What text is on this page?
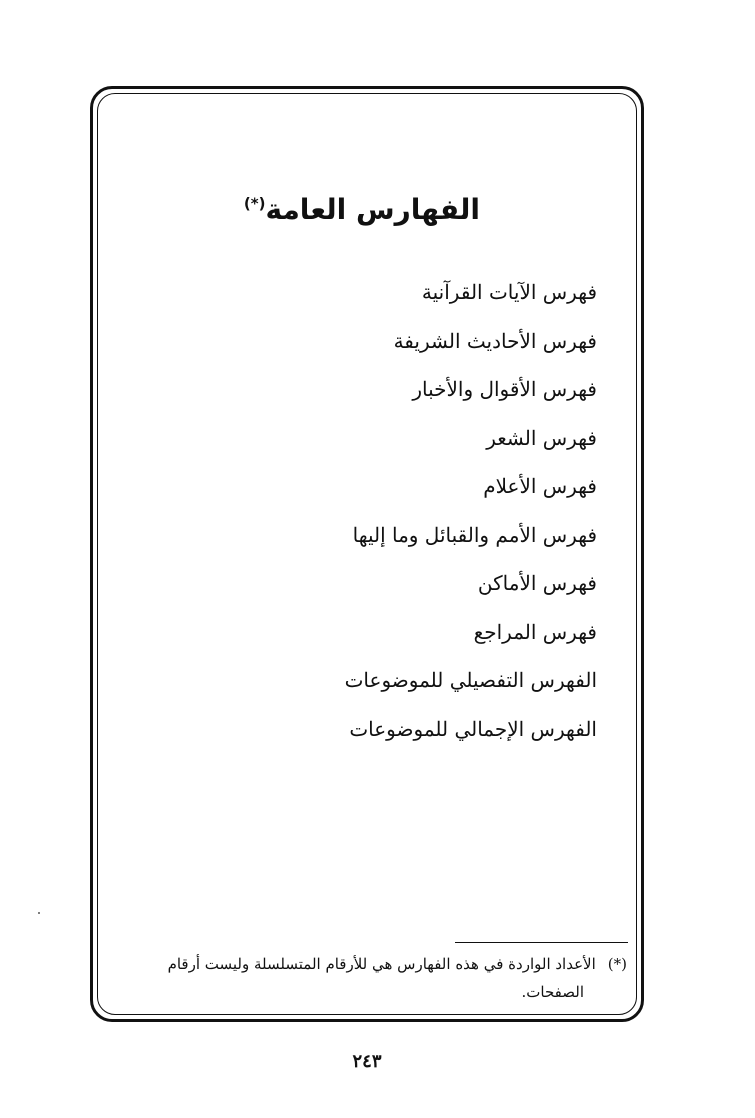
الفهارس العامة(*)
فهرس الآيات القرآنية
فهرس الأحاديث الشريفة
فهرس الأقوال والأخبار
فهرس الشعر
فهرس الأعلام
فهرس الأمم والقبائل وما إليها
فهرس الأماكن
فهرس المراجع
الفهرس التفصيلي للموضوعات
الفهرس الإجمالي للموضوعات
(*)الأعداد الواردة في هذه الفهارس هي للأرقام المتسلسلة وليست أرقام
الصفحات.
٢٤٣
